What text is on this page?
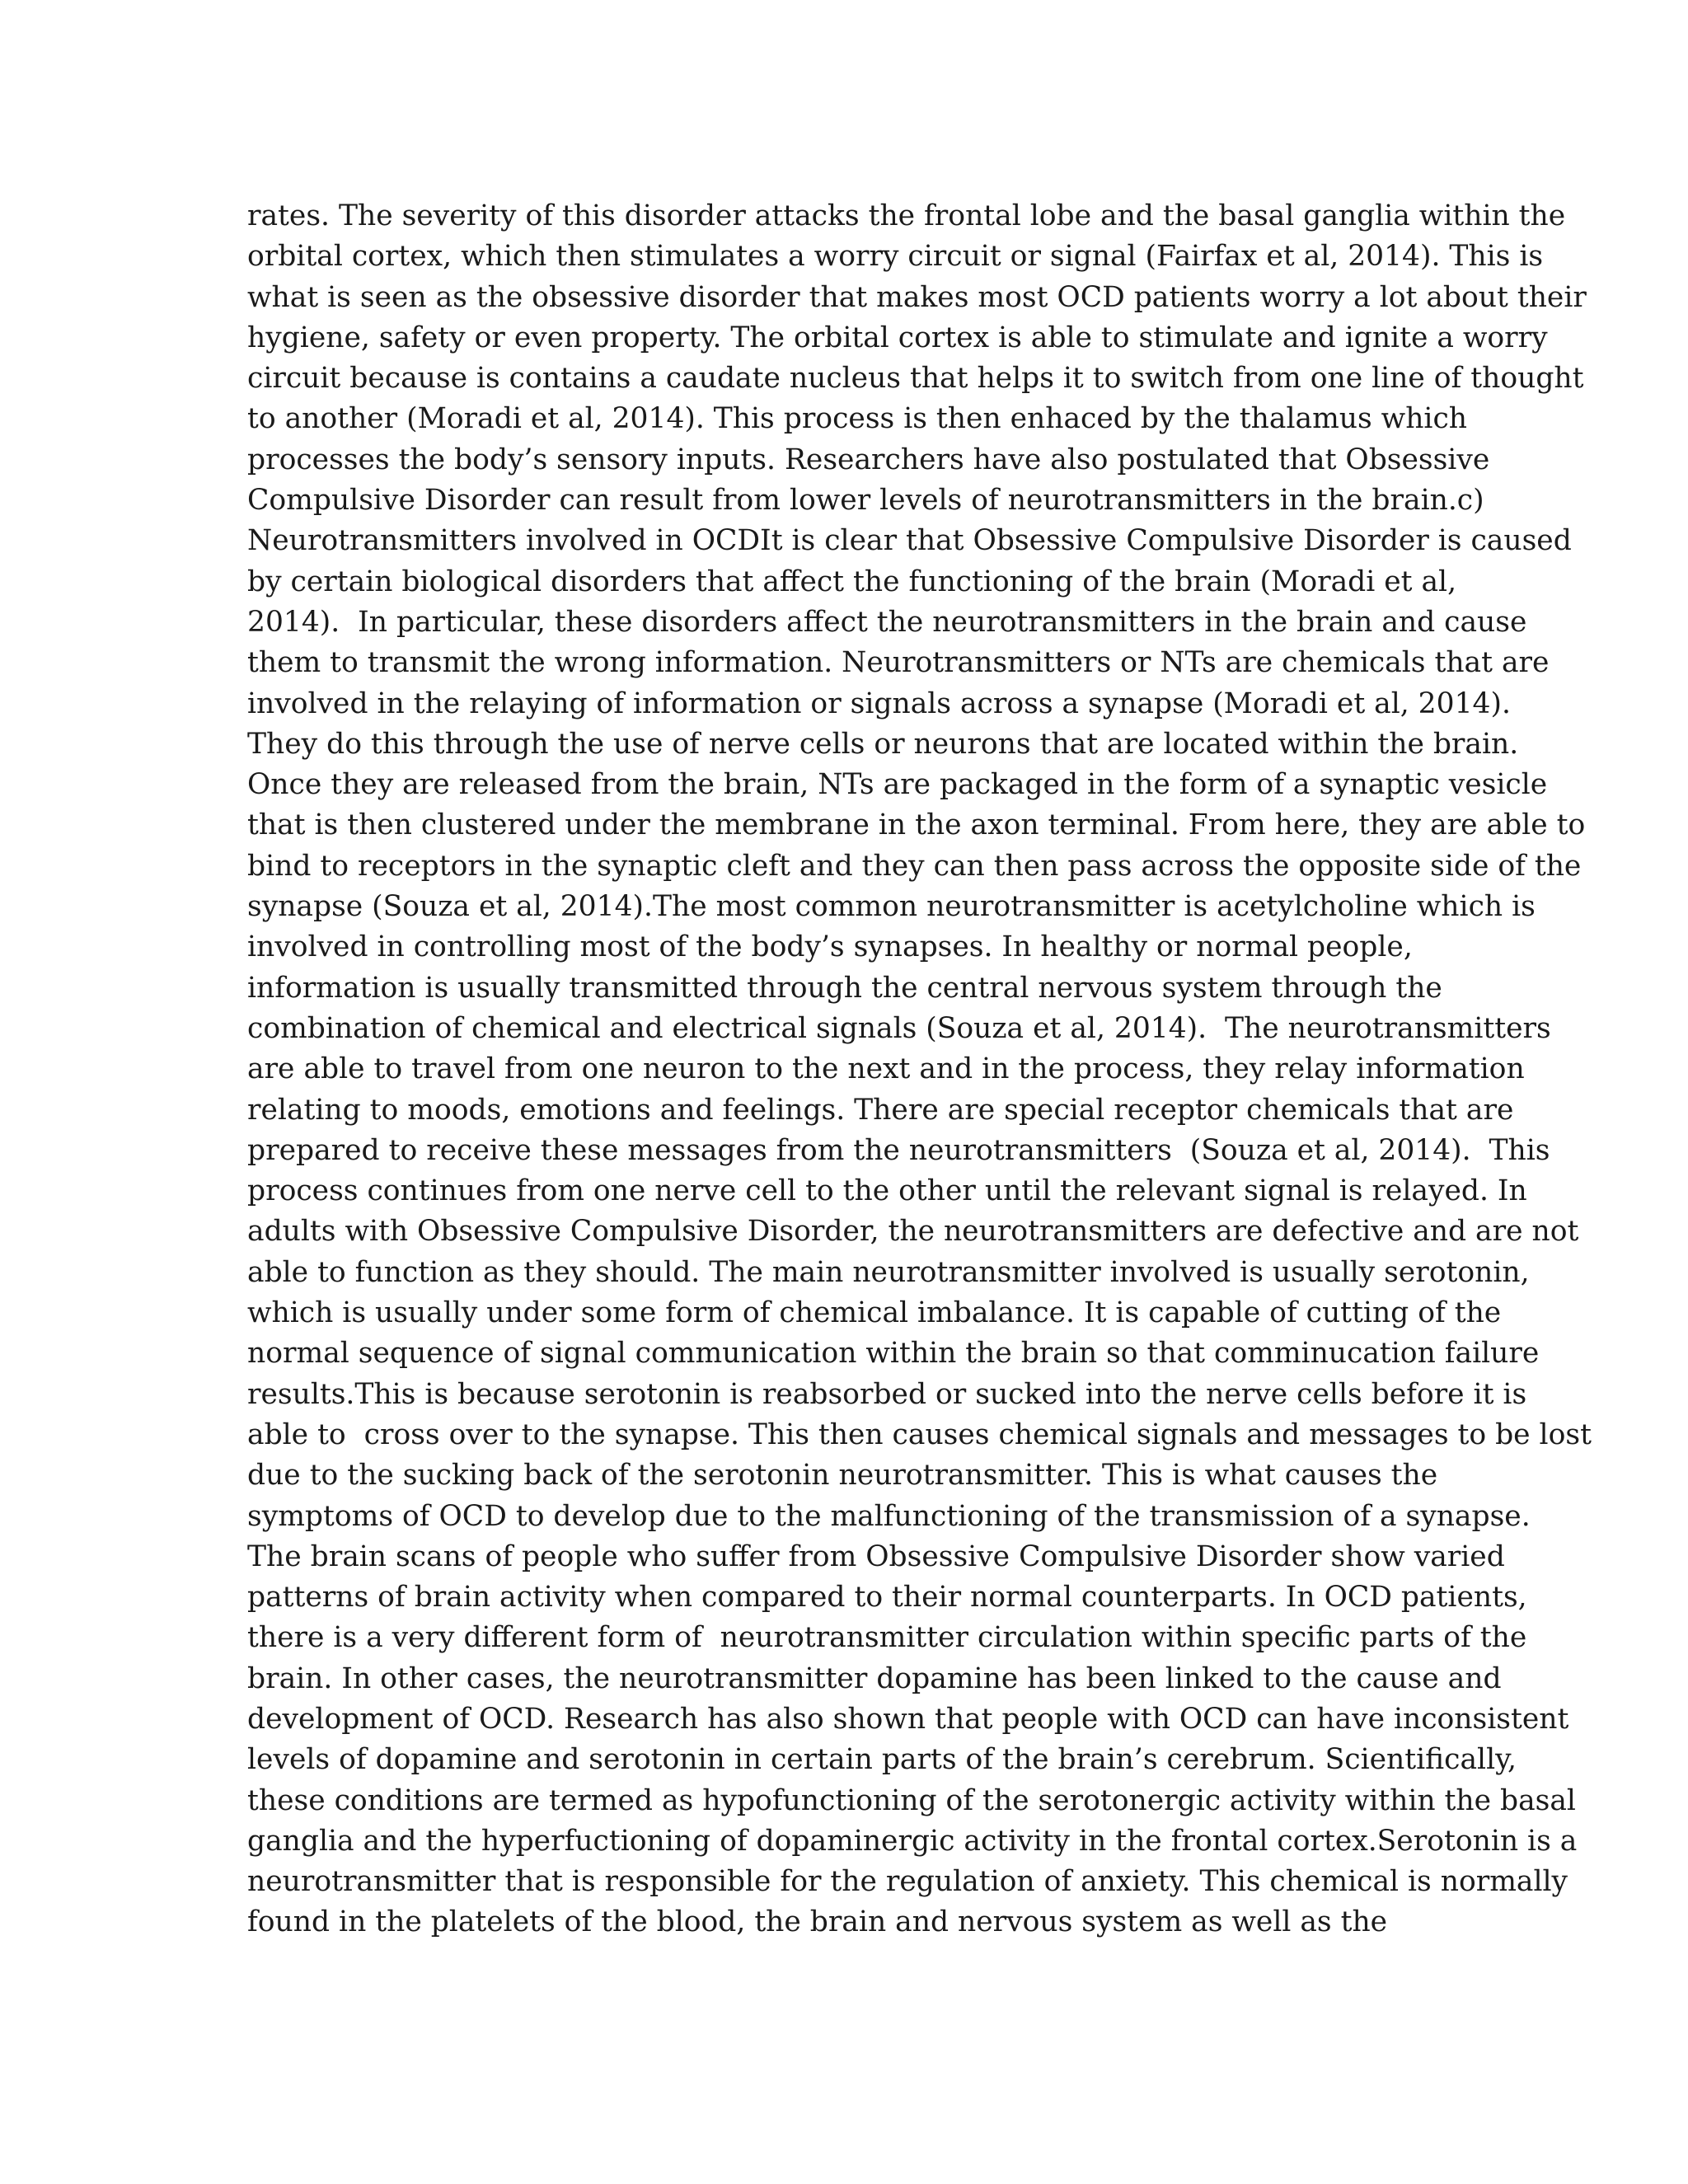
rates. The severity of this disorder attacks the frontal lobe and the basal ganglia within the
orbital cortex, which then stimulates a worry circuit or signal (Fairfax et al, 2014). This is
what is seen as the obsessive disorder that makes most OCD patients worry a lot about their
hygiene, safety or even property. The orbital cortex is able to stimulate and ignite a worry
circuit because is contains a caudate nucleus that helps it to switch from one line of thought
to another (Moradi et al, 2014). This process is then enhaced by the thalamus which
processes the body’s sensory inputs. Researchers have also postulated that Obsessive
Compulsive Disorder can result from lower levels of neurotransmitters in the brain.c)
Neurotransmitters involved in OCDIt is clear that Obsessive Compulsive Disorder is caused
by certain biological disorders that affect the functioning of the brain (Moradi et al,
2014).  In particular, these disorders affect the neurotransmitters in the brain and cause
them to transmit the wrong information. Neurotransmitters or NTs are chemicals that are
involved in the relaying of information or signals across a synapse (Moradi et al, 2014).
They do this through the use of nerve cells or neurons that are located within the brain.
Once they are released from the brain, NTs are packaged in the form of a synaptic vesicle
that is then clustered under the membrane in the axon terminal. From here, they are able to
bind to receptors in the synaptic cleft and they can then pass across the opposite side of the
synapse (Souza et al, 2014).The most common neurotransmitter is acetylcholine which is
involved in controlling most of the body’s synapses. In healthy or normal people,
information is usually transmitted through the central nervous system through the
combination of chemical and electrical signals (Souza et al, 2014).  The neurotransmitters
are able to travel from one neuron to the next and in the process, they relay information
relating to moods, emotions and feelings. There are special receptor chemicals that are
prepared to receive these messages from the neurotransmitters  (Souza et al, 2014).  This
process continues from one nerve cell to the other until the relevant signal is relayed. In
adults with Obsessive Compulsive Disorder, the neurotransmitters are defective and are not
able to function as they should. The main neurotransmitter involved is usually serotonin,
which is usually under some form of chemical imbalance. It is capable of cutting of the
normal sequence of signal communication within the brain so that comminucation failure
results.This is because serotonin is reabsorbed or sucked into the nerve cells before it is
able to  cross over to the synapse. This then causes chemical signals and messages to be lost
due to the sucking back of the serotonin neurotransmitter. This is what causes the
symptoms of OCD to develop due to the malfunctioning of the transmission of a synapse.
The brain scans of people who suffer from Obsessive Compulsive Disorder show varied
patterns of brain activity when compared to their normal counterparts. In OCD patients,
there is a very different form of  neurotransmitter circulation within specific parts of the
brain. In other cases, the neurotransmitter dopamine has been linked to the cause and
development of OCD. Research has also shown that people with OCD can have inconsistent
levels of dopamine and serotonin in certain parts of the brain’s cerebrum. Scientifically,
these conditions are termed as hypofunctioning of the serotonergic activity within the basal
ganglia and the hyperfuctioning of dopaminergic activity in the frontal cortex.Serotonin is a
neurotransmitter that is responsible for the regulation of anxiety. This chemical is normally
found in the platelets of the blood, the brain and nervous system as well as the
